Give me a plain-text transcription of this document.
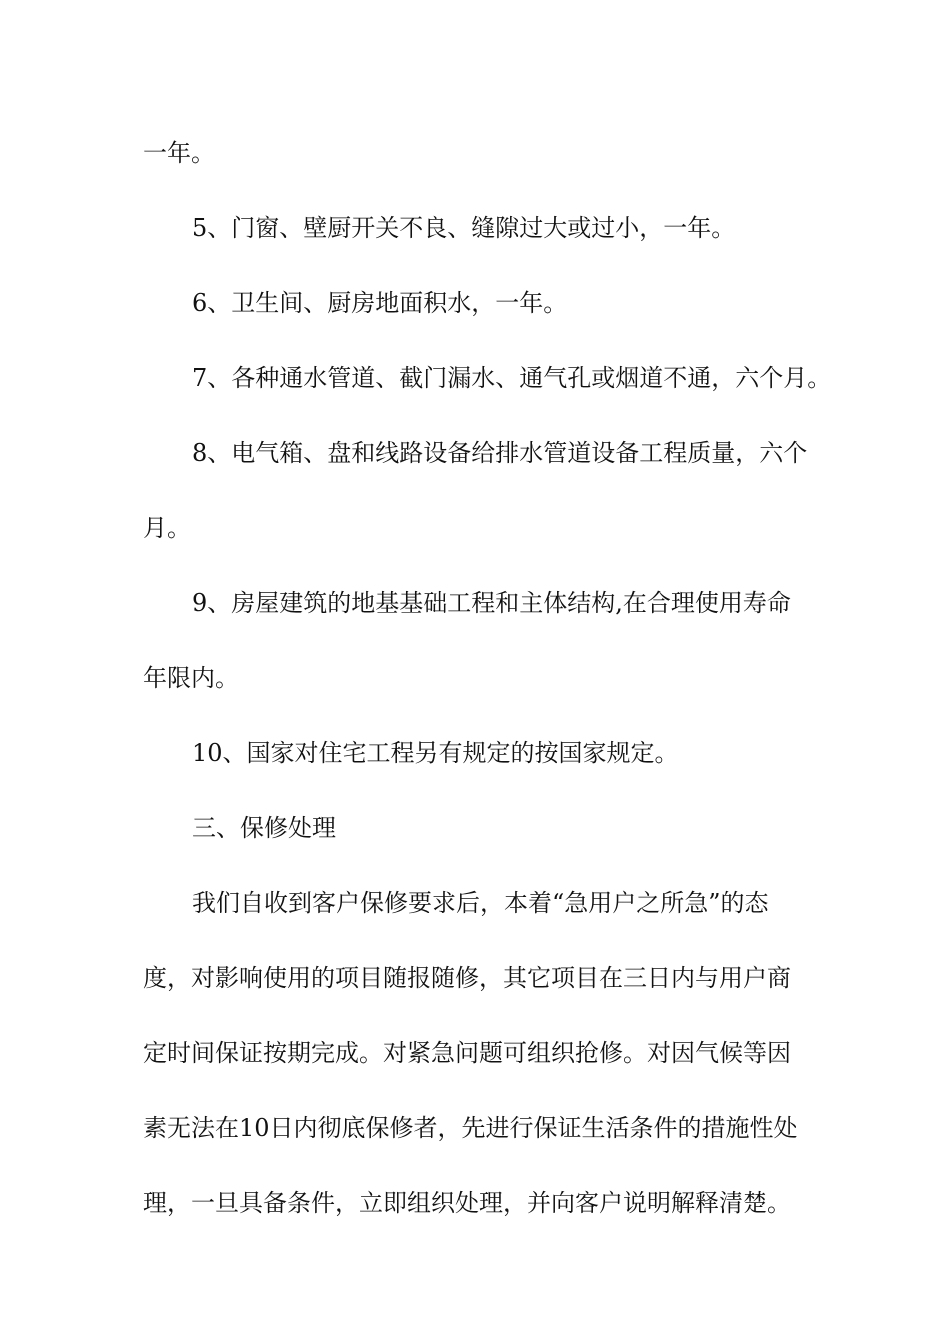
一年。
5、门窗、壁厨开关不良、缝隙过大或过小，一年。
6、卫生间、厨房地面积水，一年。
7、各种通水管道、截门漏水、通气孔或烟道不通，六个月。
8、电气箱、盘和线路设备给排水管道设备工程质量，六个
月。
9、房屋建筑的地基基础工程和主体结构,在合理使用寿命
年限内。
10、国家对住宅工程另有规定的按国家规定。
三、保修处理
我们自收到客户保修要求后，本着“急用户之所急”的态
度，对影响使用的项目随报随修，其它项目在三日内与用户商
定时间保证按期完成。对紧急问题可组织抢修。对因气候等因
素无法在10日内彻底保修者，先进行保证生活条件的措施性处
理，一旦具备条件，立即组织处理，并向客户说明解释清楚。
